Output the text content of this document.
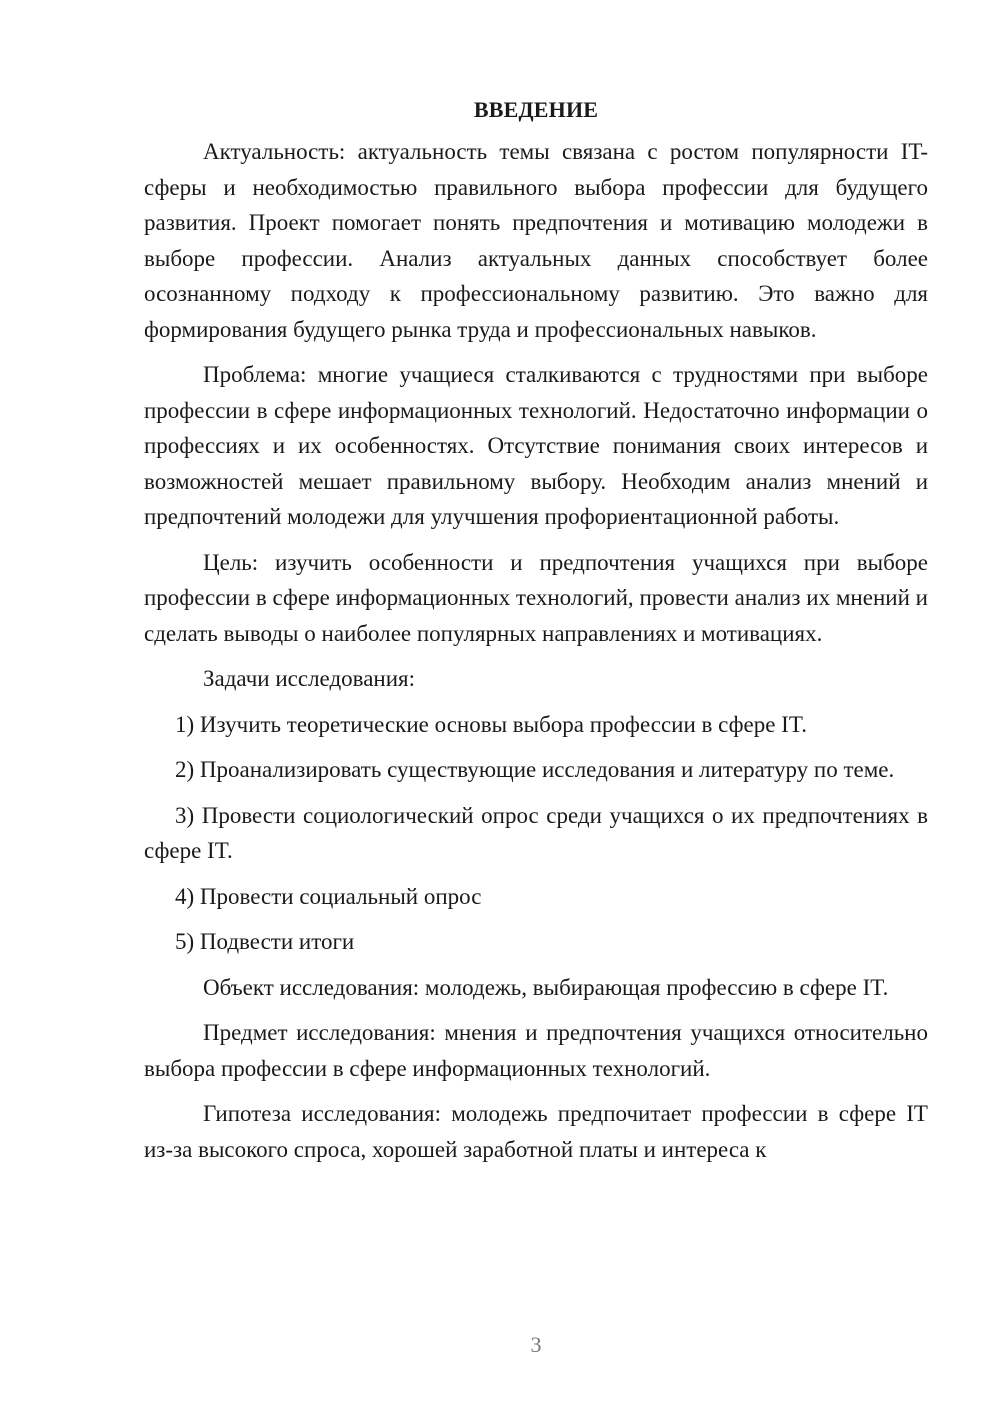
ВВЕДЕНИЕ

Актуальность: актуальность темы связана с ростом популярности IT-сферы и необходимостью правильного выбора профессии для будущего развития. Проект помогает понять предпочтения и мотивацию молодежи в выборе профессии. Анализ актуальных данных способствует более осознанному подходу к профессиональному развитию. Это важно для формирования будущего рынка труда и профессиональных навыков.

Проблема: многие учащиеся сталкиваются с трудностями при выборе профессии в сфере информационных технологий. Недостаточно информации о профессиях и их особенностях. Отсутствие понимания своих интересов и возможностей мешает правильному выбору. Необходим анализ мнений и предпочтений молодежи для улучшения профориентационной работы.

Цель: изучить особенности и предпочтения учащихся при выборе профессии в сфере информационных технологий, провести анализ их мнений и сделать выводы о наиболее популярных направлениях и мотивациях.

Задачи исследования:

1) Изучить теоретические основы выбора профессии в сфере IT.

2) Проанализировать существующие исследования и литературу по теме.

3) Провести социологический опрос среди учащихся о их предпочтениях в сфере IT.

4) Провести социальный опрос

5) Подвести итоги

Объект исследования: молодежь, выбирающая профессию в сфере IT.

Предмет исследования: мнения и предпочтения учащихся относительно выбора профессии в сфере информационных технологий.

Гипотеза исследования: молодежь предпочитает профессии в сфере IT из-за высокого спроса, хорошей заработной платы и интереса к

3
